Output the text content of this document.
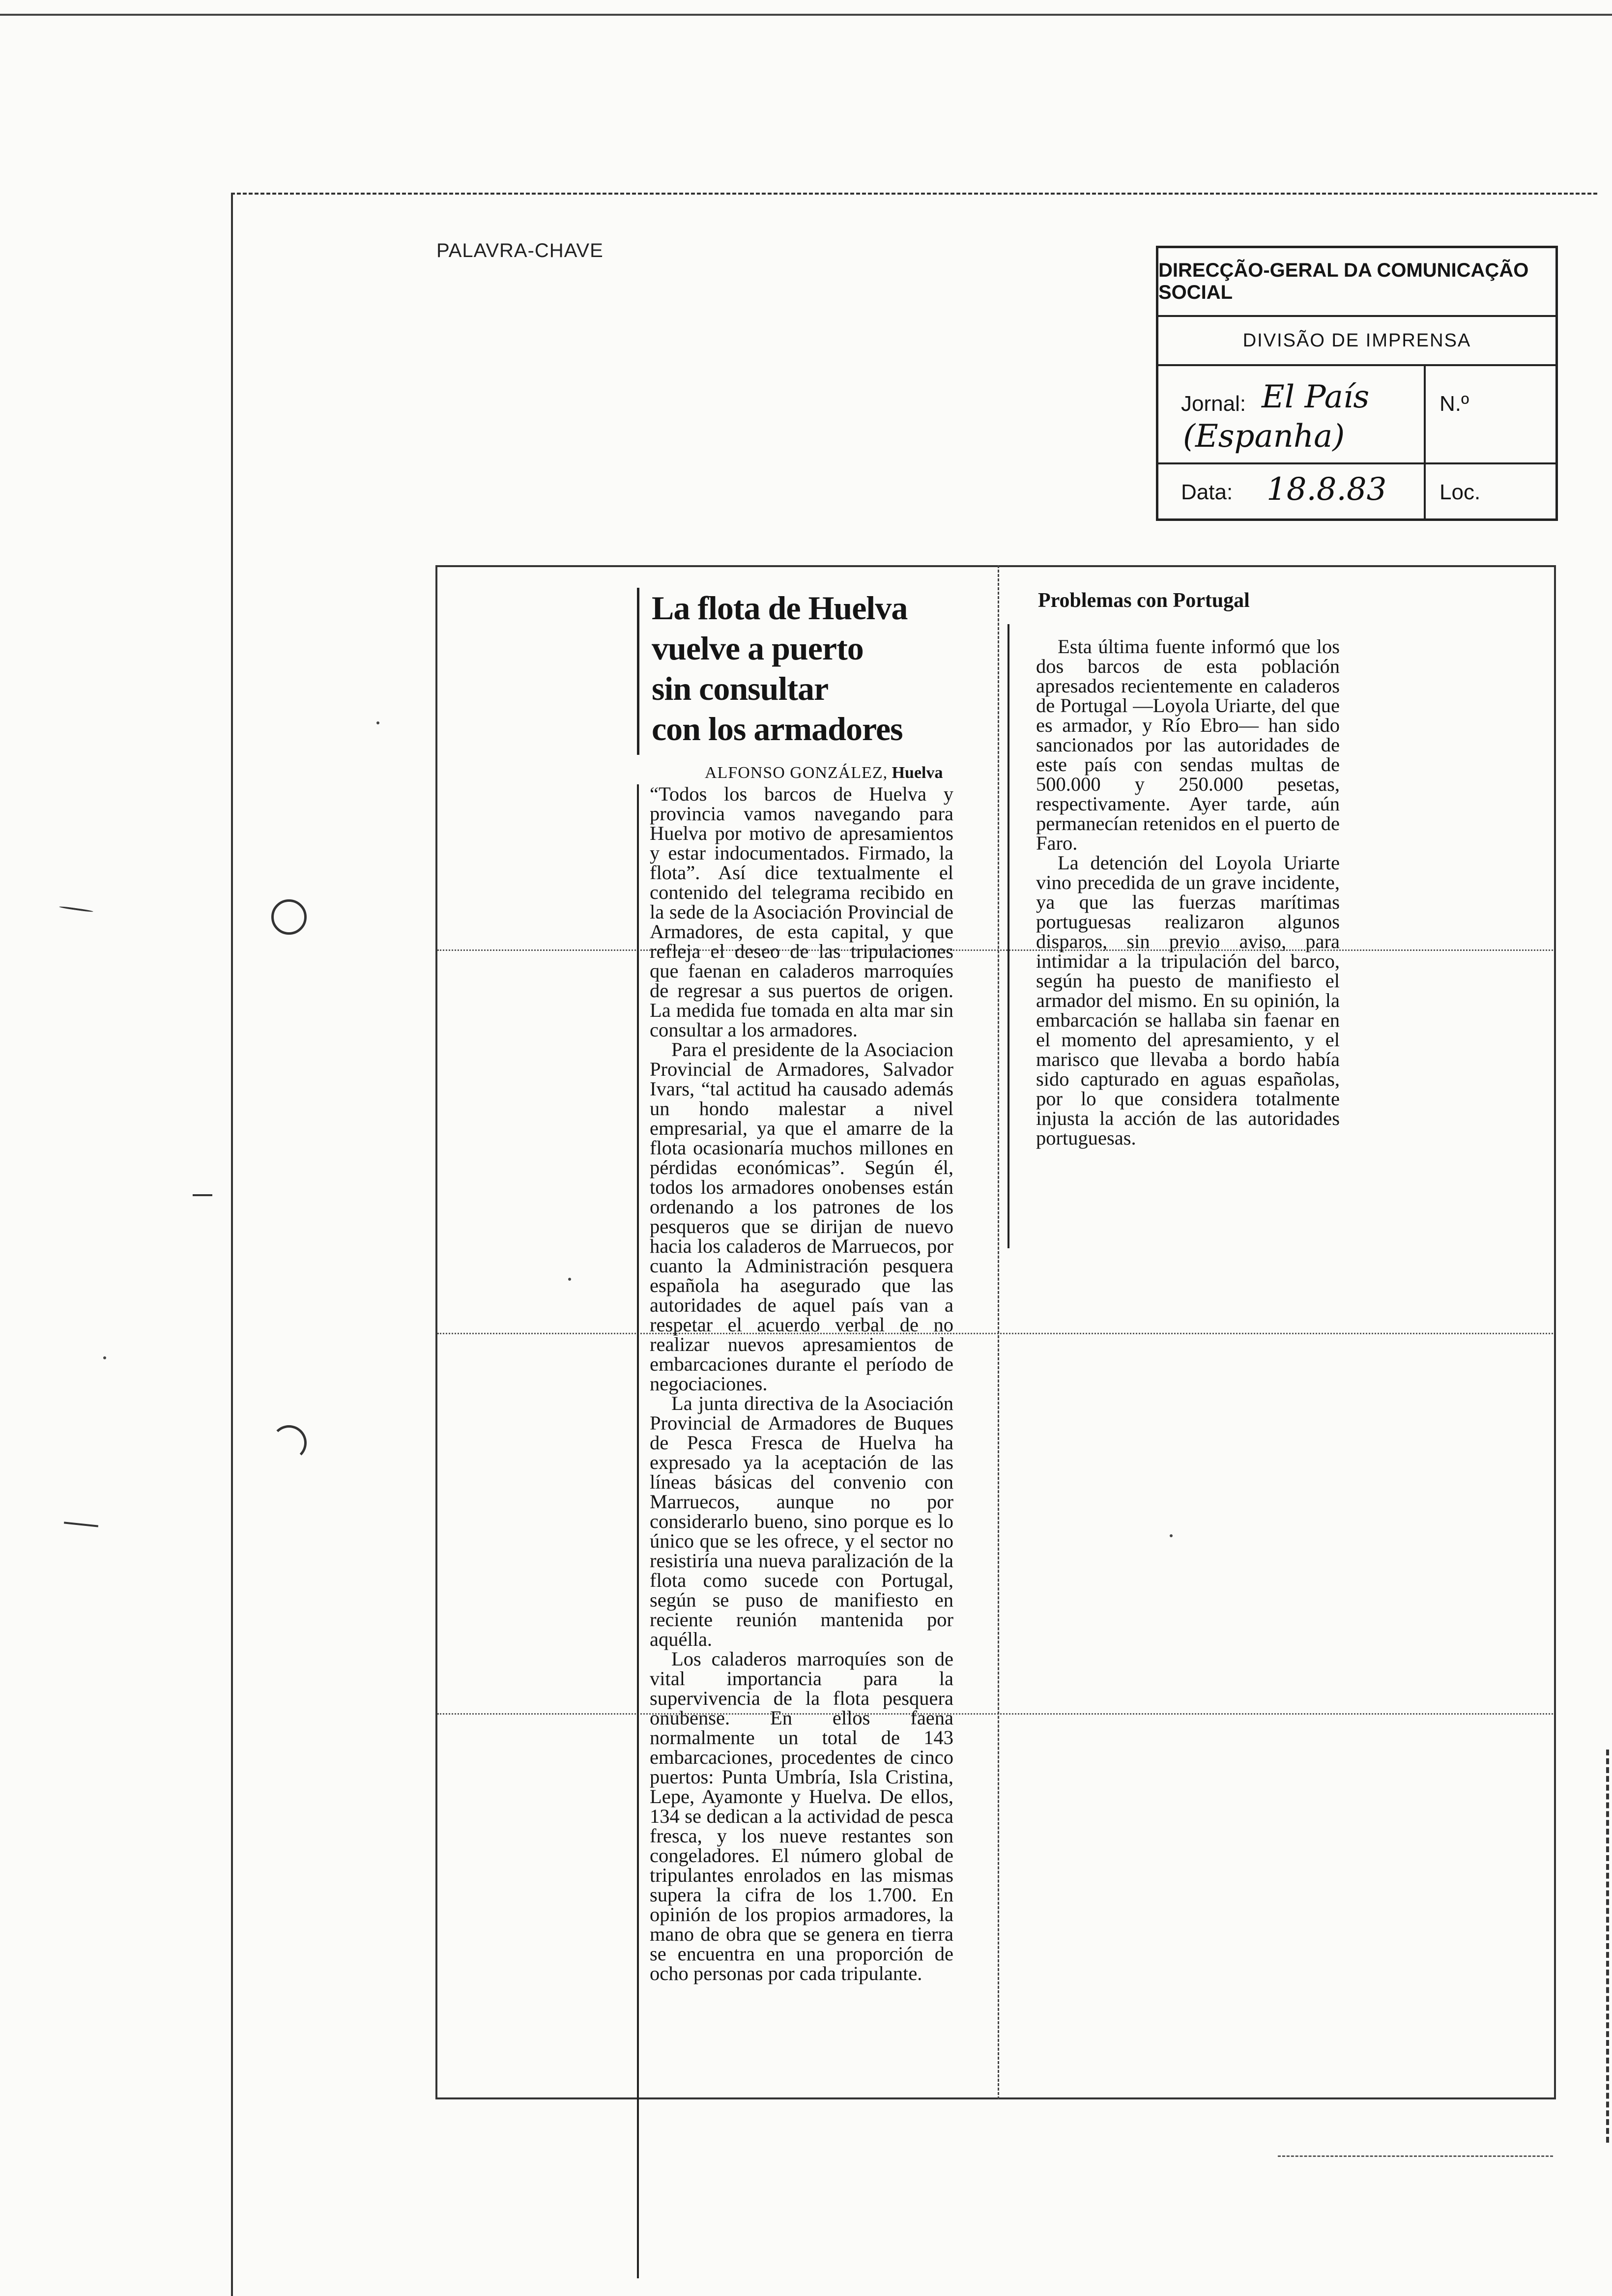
PALAVRA-CHAVE
DIRECÇÃO-GERAL DA COMUNICAÇÃO SOCIAL
DIVISÃO DE IMPRENSA
Jornal: El País
(Espanha)
N.º
Data: 18.8.83 Loc.
La flota de Huelva
vuelve a puerto
sin consultar
con los armadores
ALFONSO GONZÁLEZ, Huelva

“Todos los barcos de Huelva y provincia vamos navegando para Huelva por motivo de apresamientos y estar indocumentados. Firmado, la flota”. Así dice textualmente el contenido del telegrama recibido en la sede de la Asociación Provincial de Armadores, de esta capital, y que refleja el deseo de las tripulaciones que faenan en caladeros marroquíes de regresar a sus puertos de origen. La medida fue tomada en alta mar sin consultar a los armadores.

Para el presidente de la Asociacion Provincial de Armadores, Salvador Ivars, “tal actitud ha causado además un hondo malestar a nivel empresarial, ya que el amarre de la flota ocasionaría muchos millones en pérdidas económicas”. Según él, todos los armadores onobenses están ordenando a los patrones de los pesqueros que se dirijan de nuevo hacia los caladeros de Marruecos, por cuanto la Administración pesquera española ha asegurado que las autoridades de aquel país van a respetar el acuerdo verbal de no realizar nuevos apresamientos de embarcaciones durante el período de negociaciones.

La junta directiva de la Asociación Provincial de Armadores de Buques de Pesca Fresca de Huelva ha expresado ya la aceptación de las líneas básicas del convenio con Marruecos, aunque no por considerarlo bueno, sino porque es lo único que se les ofrece, y el sector no resistiría una nueva paralización de la flota como sucede con Portugal, según se puso de manifiesto en reciente reunión mantenida por aquélla.

Los caladeros marroquíes son de vital importancia para la supervivencia de la flota pesquera onubense. En ellos faena normalmente un total de 143 embarcaciones, procedentes de cinco puertos: Punta Umbría, Isla Cristina, Lepe, Ayamonte y Huelva. De ellos, 134 se dedican a la actividad de pesca fresca, y los nueve restantes son congeladores. El número global de tripulantes enrolados en las mismas supera la cifra de los 1.700. En opinión de los propios armadores, la mano de obra que se genera en tierra se encuentra en una proporción de ocho personas por cada tripulante.

Problemas con Portugal

Esta última fuente informó que los dos barcos de esta población apresados recientemente en caladeros de Portugal —Loyola Uriarte, del que es armador, y Río Ebro— han sido sancionados por las autoridades de este país con sendas multas de 500.000 y 250.000 pesetas, respectivamente. Ayer tarde, aún permanecían retenidos en el puerto de Faro.

La detención del Loyola Uriarte vino precedida de un grave incidente, ya que las fuerzas marítimas portuguesas realizaron algunos disparos, sin previo aviso, para intimidar a la tripulación del barco, según ha puesto de manifiesto el armador del mismo. En su opinión, la embarcación se hallaba sin faenar en el momento del apresamiento, y el marisco que llevaba a bordo había sido capturado en aguas españolas, por lo que considera totalmente injusta la acción de las autoridades portuguesas.
